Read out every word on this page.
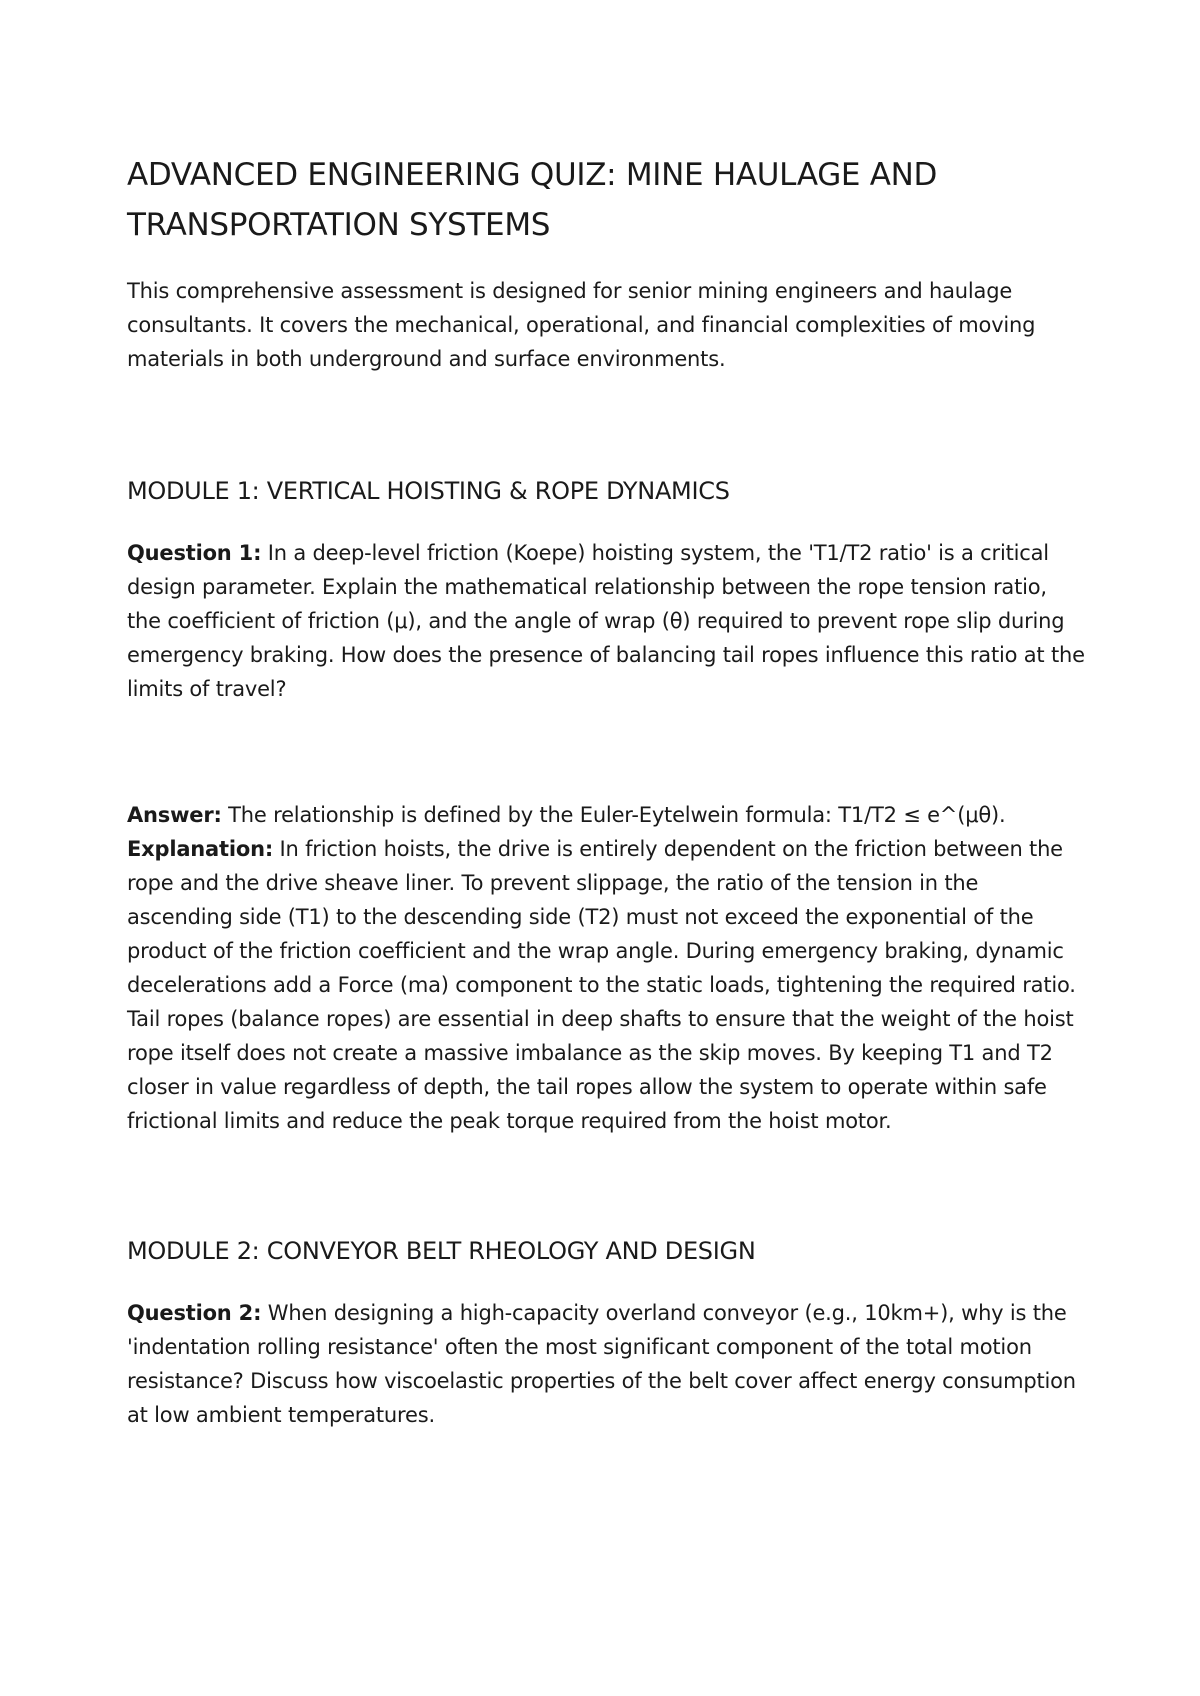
ADVANCED ENGINEERING QUIZ: MINE HAULAGE AND TRANSPORTATION SYSTEMS

This comprehensive assessment is designed for senior mining engineers and haulage consultants. It covers the mechanical, operational, and financial complexities of moving materials in both underground and surface environments.

MODULE 1: VERTICAL HOISTING & ROPE DYNAMICS

Question 1: In a deep-level friction (Koepe) hoisting system, the 'T1/T2 ratio' is a critical design parameter. Explain the mathematical relationship between the rope tension ratio, the coefficient of friction (μ), and the angle of wrap (θ) required to prevent rope slip during emergency braking. How does the presence of balancing tail ropes influence this ratio at the limits of travel?

Answer: The relationship is defined by the Euler-Eytelwein formula: T1/T2 ≤ e^(μθ).
Explanation: In friction hoists, the drive is entirely dependent on the friction between the rope and the drive sheave liner. To prevent slippage, the ratio of the tension in the ascending side (T1) to the descending side (T2) must not exceed the exponential of the product of the friction coefficient and the wrap angle. During emergency braking, dynamic decelerations add a Force (ma) component to the static loads, tightening the required ratio. Tail ropes (balance ropes) are essential in deep shafts to ensure that the weight of the hoist rope itself does not create a massive imbalance as the skip moves. By keeping T1 and T2 closer in value regardless of depth, the tail ropes allow the system to operate within safe frictional limits and reduce the peak torque required from the hoist motor.

MODULE 2: CONVEYOR BELT RHEOLOGY AND DESIGN

Question 2: When designing a high-capacity overland conveyor (e.g., 10km+), why is the 'indentation rolling resistance' often the most significant component of the total motion resistance? Discuss how viscoelastic properties of the belt cover affect energy consumption at low ambient temperatures.
